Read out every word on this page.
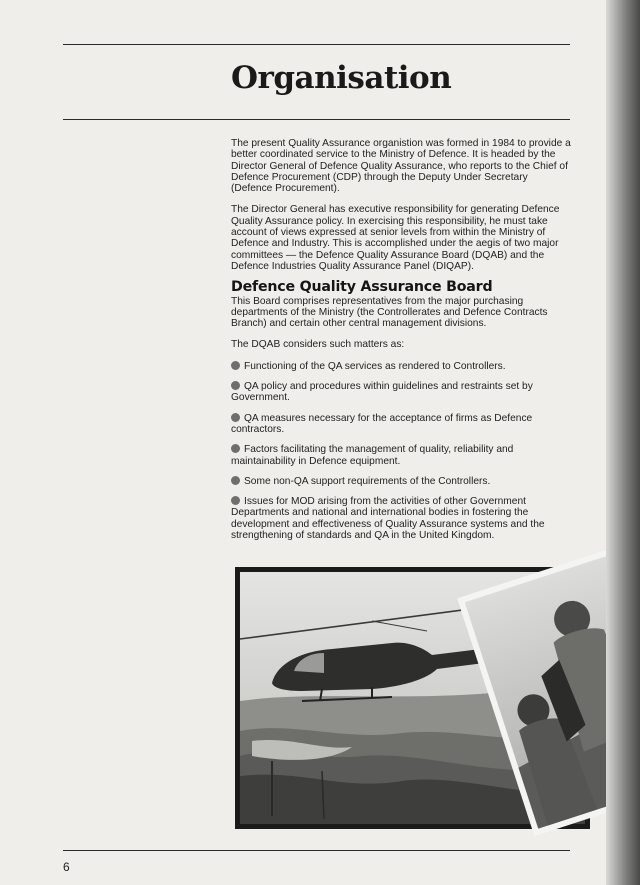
Organisation

The present Quality Assurance organistion was formed in 1984 to provide a better coordinated service to the Ministry of Defence. It is headed by the Director General of Defence Quality Assurance, who reports to the Chief of Defence Procurement (CDP) through the Deputy Under Secretary (Defence Procurement).

The Director General has executive responsibility for generating Defence Quality Assurance policy. In exercising this responsibility, he must take account of views expressed at senior levels from within the Ministry of Defence and Industry. This is accomplished under the aegis of two major committees — the Defence Quality Assurance Board (DQAB) and the Defence Industries Quality Assurance Panel (DIQAP).

Defence Quality Assurance Board

This Board comprises representatives from the major purchasing departments of the Ministry (the Controllerates and Defence Contracts Branch) and certain other central management divisions.

The DQAB considers such matters as:

Functioning of the QA services as rendered to Controllers.
QA policy and procedures within guidelines and restraints set by Government.
QA measures necessary for the acceptance of firms as Defence contractors.
Factors facilitating the management of quality, reliability and maintainability in Defence equipment.
Some non-QA support requirements of the Controllers.
Issues for MOD arising from the activities of other Government Departments and national and international bodies in fostering the development and effectiveness of Quality Assurance systems and the strengthening of standards and QA in the United Kingdom.
6
